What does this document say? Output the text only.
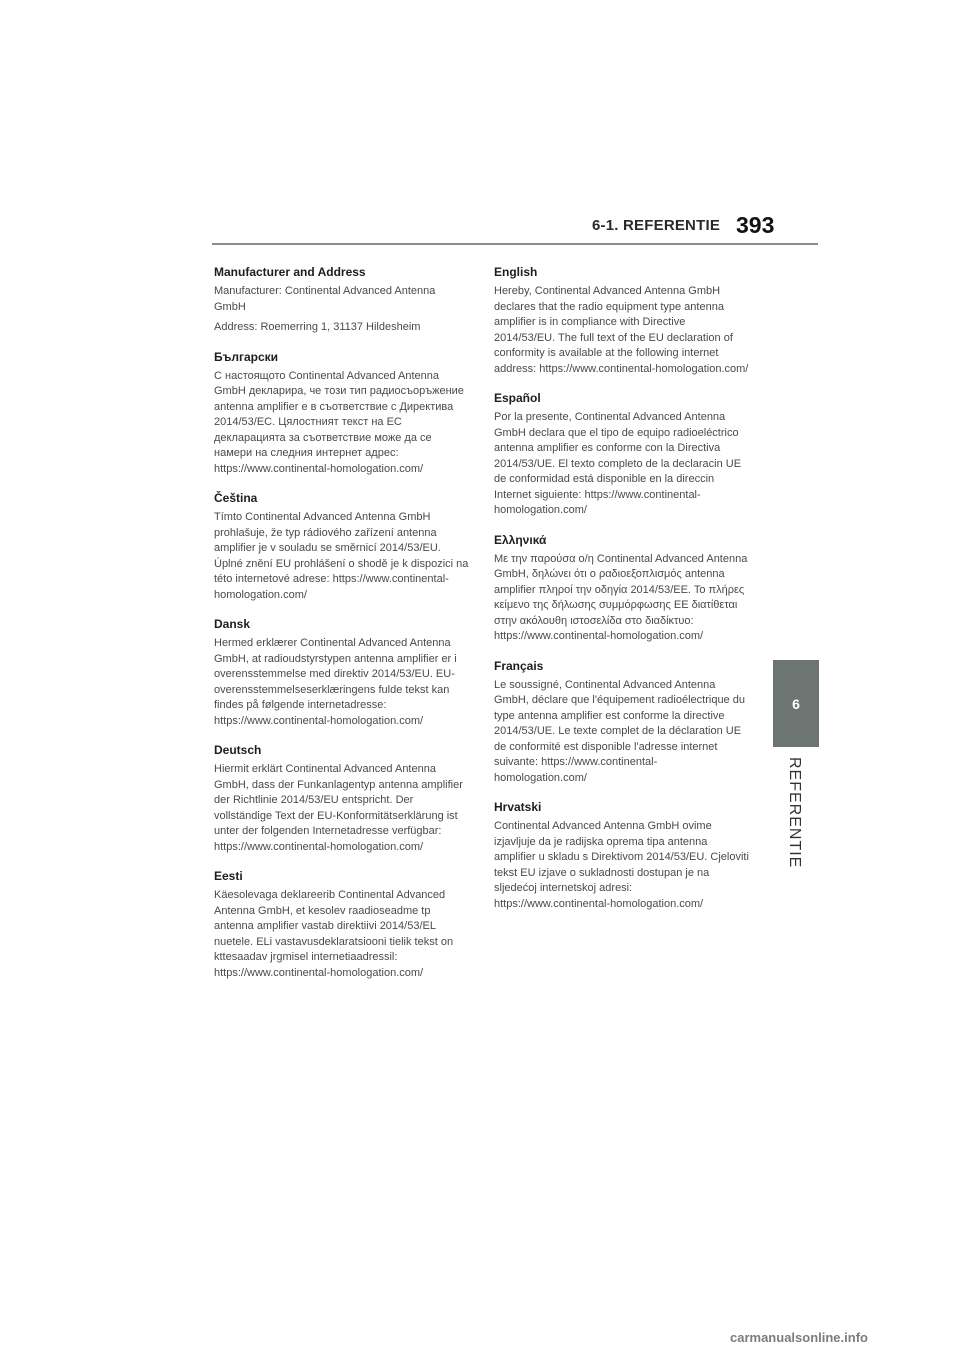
6-1. REFERENTIE 393
6
REFERENTIE
Manufacturer and Address

Manufacturer: Continental Advanced Antenna GmbH

Address: Roemerring 1, 31137 Hildesheim

Български

С настоящото Continental Advanced Antenna GmbH декларира, че този тип радиосъоръжение antenna amplifier е в съответствие с Директива 2014/53/ЕС. Цялостният текст на ЕС декларацията за съответствие може да се намери на следния интернет адрес: https://www.continental-homologation.com/

Čeština

Tímto Continental Advanced Antenna GmbH prohlašuje, že typ rádiového zařízení antenna amplifier je v souladu se směrnicí 2014/53/EU. Úplné znění EU prohlášení o shodě je k dispozici na této internetové adrese: https://www.continental-homologation.com/

Dansk

Hermed erklærer Continental Advanced Antenna GmbH, at radioudstyrstypen antenna amplifier er i overensstemmelse med direktiv 2014/53/EU. EU-overensstemmelseserklæringens fulde tekst kan findes på følgende internetadresse: https://www.continental-homologation.com/

Deutsch

Hiermit erklärt Continental Advanced Antenna GmbH, dass der Funkanlagentyp antenna amplifier der Richtlinie 2014/53/EU entspricht. Der vollständige Text der EU-Konformitätserklärung ist unter der folgenden Internetadresse verfügbar: https://www.continental-homologation.com/

Eesti

Käesolevaga deklareerib Continental Advanced Antenna GmbH, et kesolev raadioseadme tp antenna amplifier vastab direktiivi 2014/53/EL nuetele. ELi vastavusdeklaratsiooni tielik tekst on kttesaadav jrgmisel internetiaadressil: https://www.continental-homologation.com/

English

Hereby, Continental Advanced Antenna GmbH declares that the radio equipment type antenna amplifier is in compliance with Directive 2014/53/EU. The full text of the EU declaration of conformity is available at the following internet address: https://www.continental-homologation.com/

Español

Por la presente, Continental Advanced Antenna GmbH declara que el tipo de equipo radioeléctrico antenna amplifier es conforme con la Directiva 2014/53/UE. El texto completo de la declaracin UE de conformidad está disponible en la direccin Internet siguiente: https://www.continental-homologation.com/

Ελληνικά

Με την παρούσα ο/η Continental Advanced Antenna GmbH, δηλώνει ότι ο ραδιοεξοπλισμός antenna amplifier πληροί την οδηγία 2014/53/ΕΕ. Το πλήρες κείμενο της δήλωσης συμμόρφωσης ΕΕ διατίθεται στην ακόλουθη ιστοσελίδα στο διαδίκτυο: https://www.continental-homologation.com/

Français

Le soussigné, Continental Advanced Antenna GmbH, déclare que l'équipement radioélectrique du type antenna amplifier est conforme la directive 2014/53/UE. Le texte complet de la déclaration UE de conformité est disponible l'adresse internet suivante: https://www.continental-homologation.com/

Hrvatski

Continental Advanced Antenna GmbH ovime izjavljuje da je radijska oprema tipa antenna amplifier u skladu s Direktivom 2014/53/EU. Cjeloviti tekst EU izjave o sukladnosti dostupan je na sljedećoj internetskoj adresi: https://www.continental-homologation.com/

carmanualsonline.info
